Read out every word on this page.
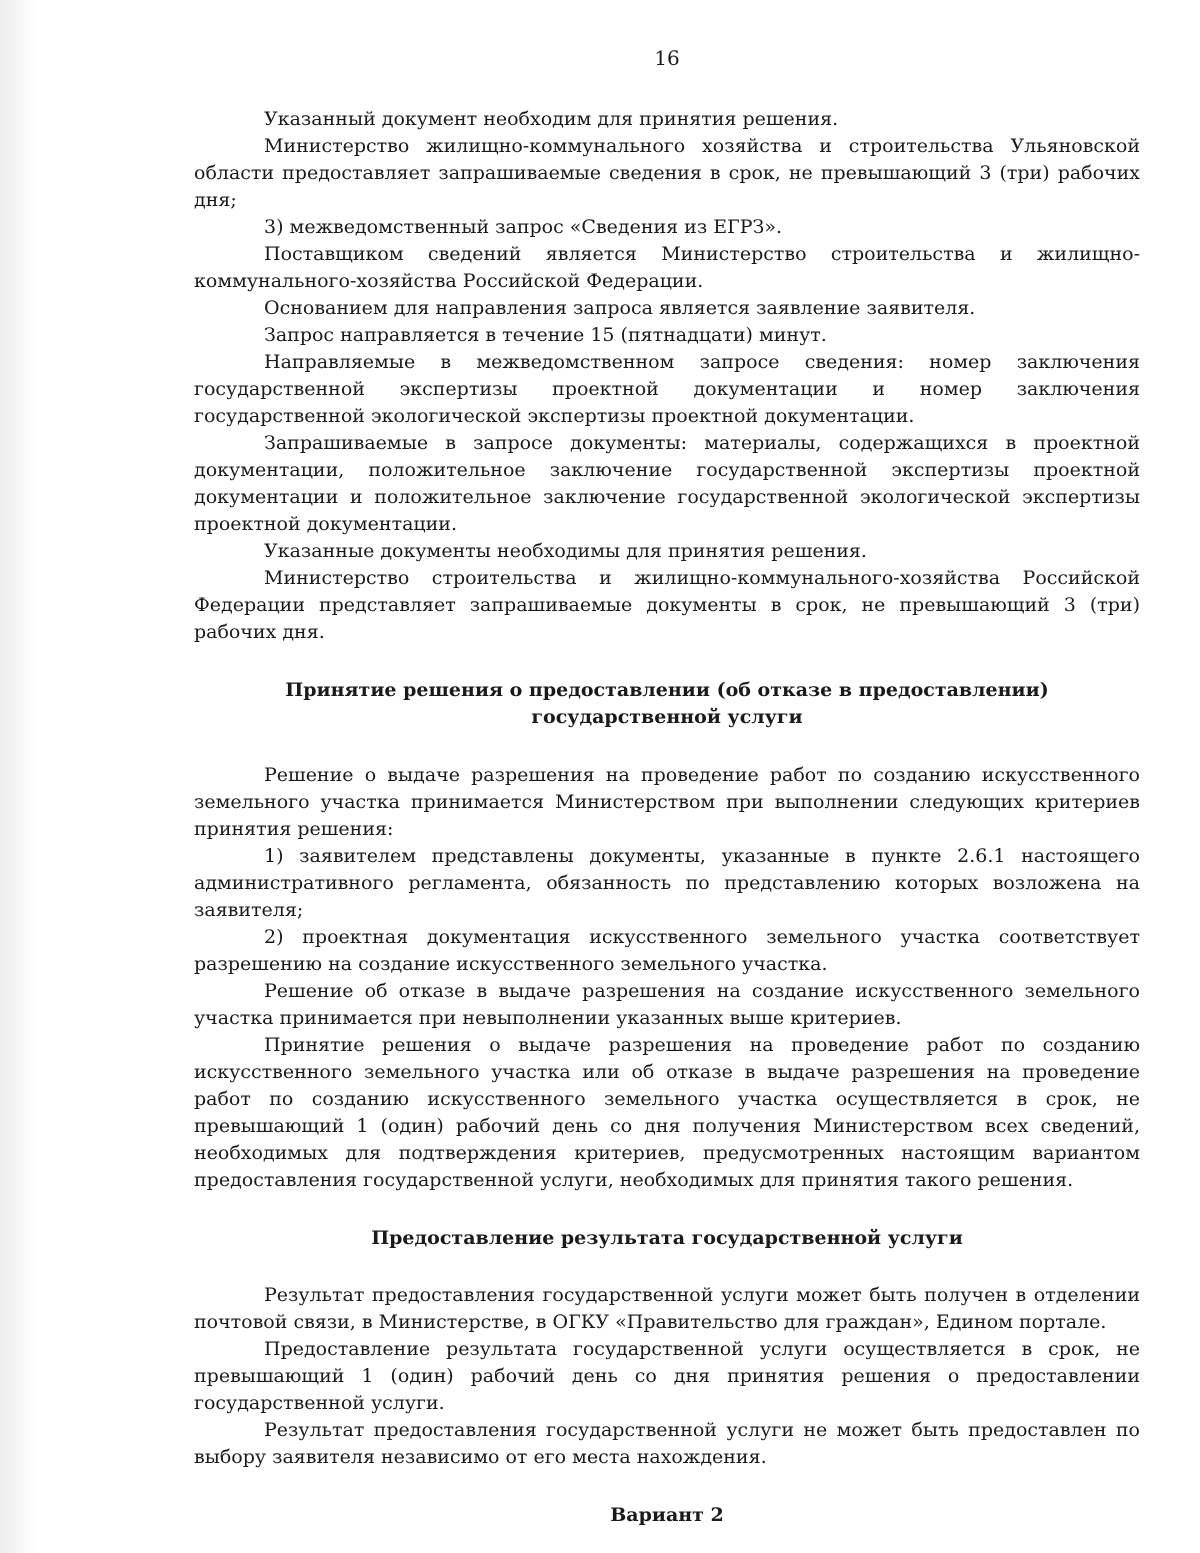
16

Указанный документ необходим для принятия решения.

Министерство жилищно-коммунального хозяйства и строительства Ульяновской области предоставляет запрашиваемые сведения в срок, не превышающий 3 (три) рабочих дня;

3) межведомственный запрос «Сведения из ЕГРЗ».

Поставщиком сведений является Министерство строительства и жилищно-коммунального-хозяйства Российской Федерации.

Основанием для направления запроса является заявление заявителя.

Запрос направляется в течение 15 (пятнадцати) минут.

Направляемые в межведомственном запросе сведения: номер заключения государственной экспертизы проектной документации и номер заключения государственной экологической экспертизы проектной документации.

Запрашиваемые в запросе документы: материалы, содержащихся в проектной документации, положительное заключение государственной экспертизы проектной документации и положительное заключение государственной экологической экспертизы проектной документации.

Указанные документы необходимы для принятия решения.

Министерство строительства и жилищно-коммунального-хозяйства Российской Федерации представляет запрашиваемые документы в срок, не превышающий 3 (три) рабочих дня.

Принятие решения о предоставлении (об отказе в предоставлении)
государственной услуги

Решение о выдаче разрешения на проведение работ по созданию искусственного земельного участка принимается Министерством при выполнении следующих критериев принятия решения:

1) заявителем представлены документы, указанные в пункте 2.6.1 настоящего административного регламента, обязанность по представлению которых возложена на заявителя;

2) проектная документация искусственного земельного участка соответствует разрешению на создание искусственного земельного участка.

Решение об отказе в выдаче разрешения на создание искусственного земельного участка принимается при невыполнении указанных выше критериев.

Принятие решения о выдаче разрешения на проведение работ по созданию искусственного земельного участка или об отказе в выдаче разрешения на проведение работ по созданию искусственного земельного участка осуществляется в срок, не превышающий 1 (один) рабочий день со дня получения Министерством всех сведений, необходимых для подтверждения критериев, предусмотренных настоящим вариантом предоставления государственной услуги, необходимых для принятия такого решения.

Предоставление результата государственной услуги

Результат предоставления государственной услуги может быть получен в отделении почтовой связи, в Министерстве, в ОГКУ «Правительство для граждан», Едином портале.

Предоставление результата государственной услуги осуществляется в срок, не превышающий 1 (один) рабочий день со дня принятия решения о предоставлении государственной услуги.

Результат предоставления государственной услуги не может быть предоставлен по выбору заявителя независимо от его места нахождения.

Вариант 2
